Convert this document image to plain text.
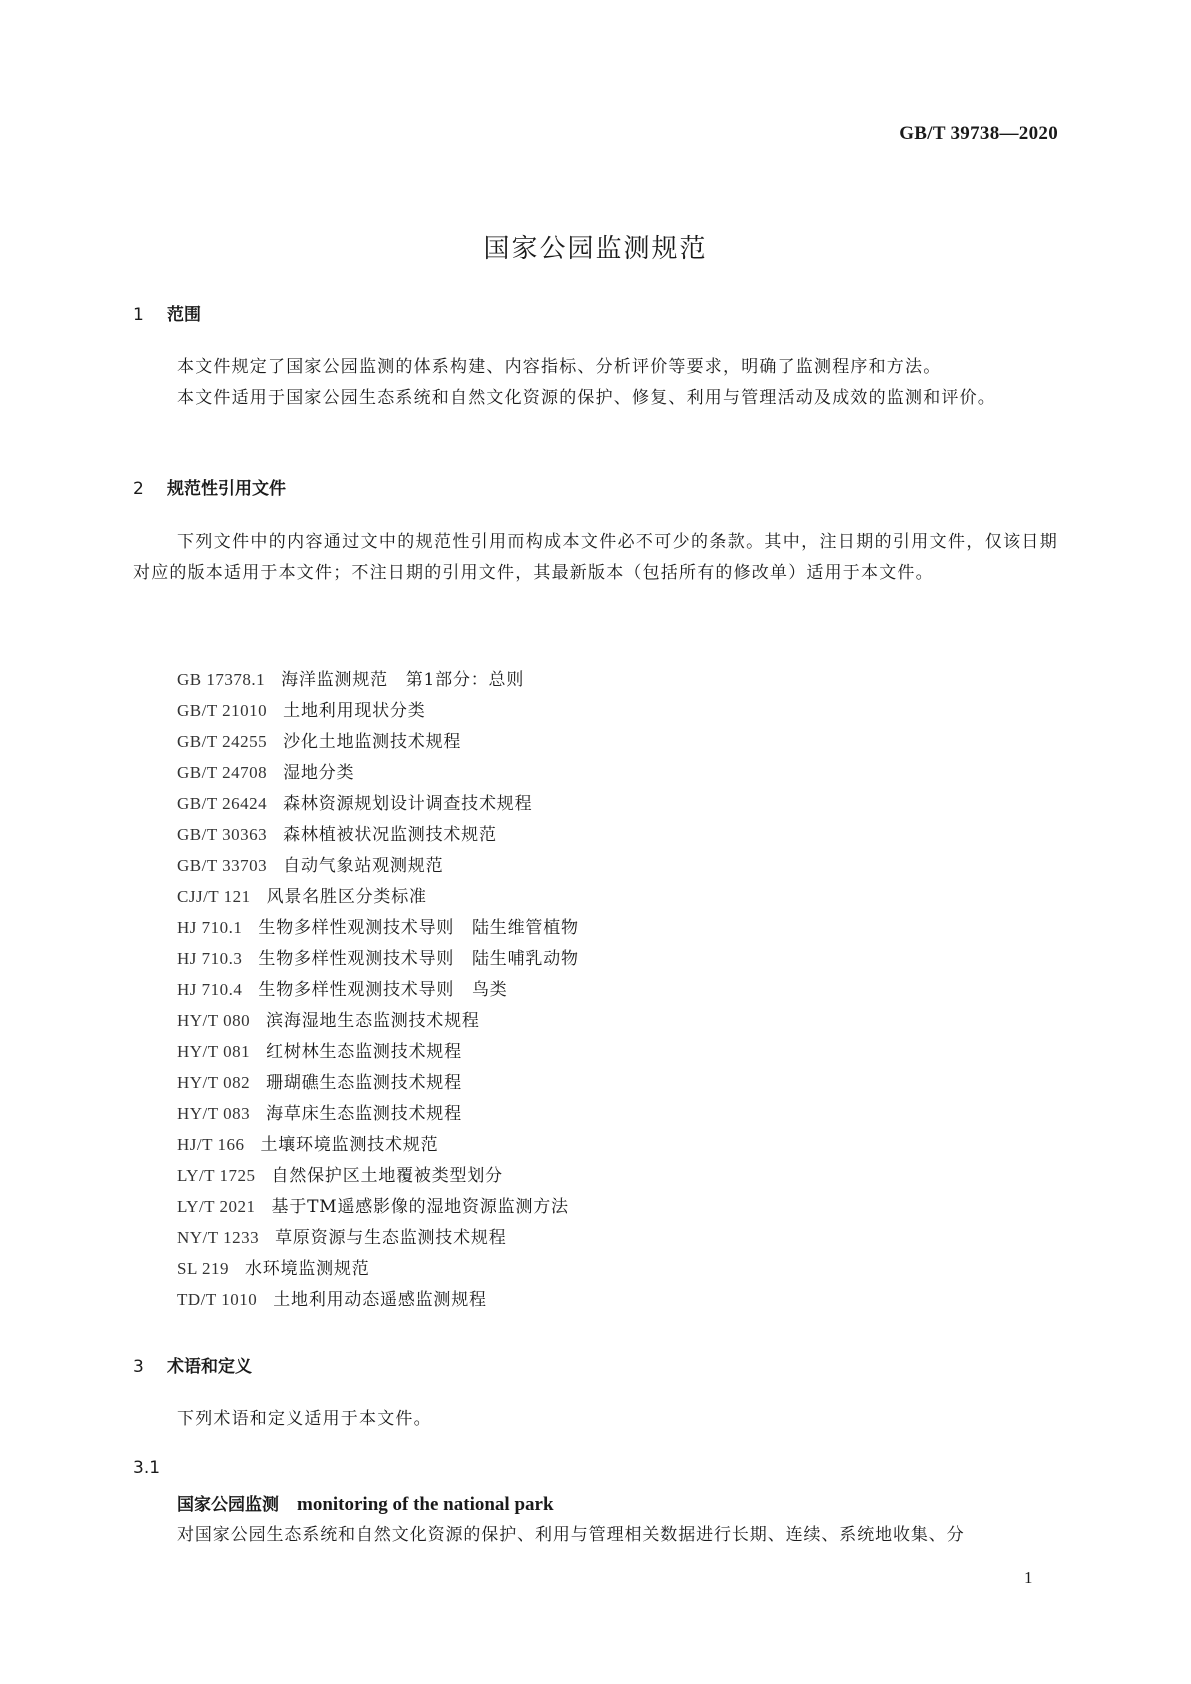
GB/T 39738—2020
国家公园监测规范
1 范围

本文件规定了国家公园监测的体系构建、内容指标、分析评价等要求，明确了监测程序和方法。

本文件适用于国家公园生态系统和自然文化资源的保护、修复、利用与管理活动及成效的监测和评价。

2 规范性引用文件

下列文件中的内容通过文中的规范性引用而构成本文件必不可少的条款。其中，注日期的引用文件，仅该日期对应的版本适用于本文件；不注日期的引用文件，其最新版本（包括所有的修改单）适用于本文件。

GB 17378.1 海洋监测规范　第1部分：总则
GB/T 21010 土地利用现状分类
GB/T 24255 沙化土地监测技术规程
GB/T 24708 湿地分类
GB/T 26424 森林资源规划设计调查技术规程
GB/T 30363 森林植被状况监测技术规范
GB/T 33703 自动气象站观测规范
CJJ/T 121 风景名胜区分类标准
HJ 710.1 生物多样性观测技术导则　陆生维管植物
HJ 710.3 生物多样性观测技术导则　陆生哺乳动物
HJ 710.4 生物多样性观测技术导则　鸟类
HY/T 080 滨海湿地生态监测技术规程
HY/T 081 红树林生态监测技术规程
HY/T 082 珊瑚礁生态监测技术规程
HY/T 083 海草床生态监测技术规程
HJ/T 166 土壤环境监测技术规范
LY/T 1725 自然保护区土地覆被类型划分
LY/T 2021 基于TM遥感影像的湿地资源监测方法
NY/T 1233 草原资源与生态监测技术规程
SL 219 水环境监测规范
TD/T 1010 土地利用动态遥感监测规程
3 术语和定义

下列术语和定义适用于本文件。

3.1
国家公园监测 monitoring of the national park

对国家公园生态系统和自然文化资源的保护、利用与管理相关数据进行长期、连续、系统地收集、分

1
